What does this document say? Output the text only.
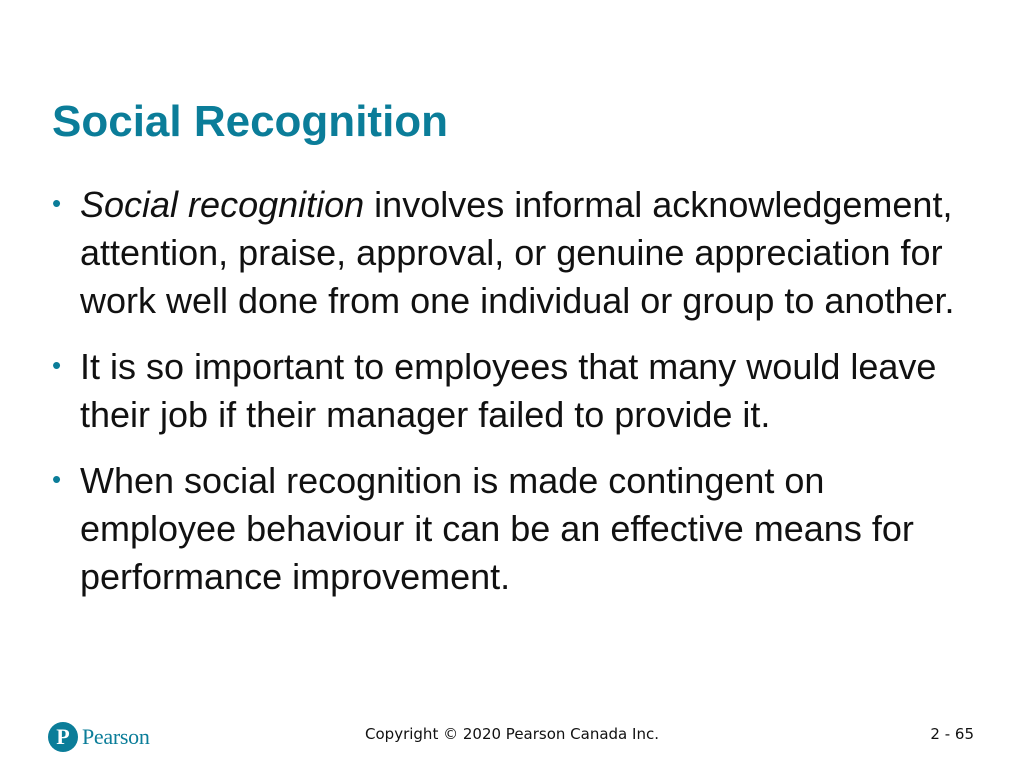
Social Recognition
• Social recognition involves informal acknowledgement, attention, praise, approval, or genuine appreciation for work well done from one individual or group to another.
• It is so important to employees that many would leave their job if their manager failed to provide it.
• When social recognition is made contingent on employee behaviour it can be an effective means for performance improvement.
P Pearson	Copyright © 2020 Pearson Canada Inc.	2 - 65
